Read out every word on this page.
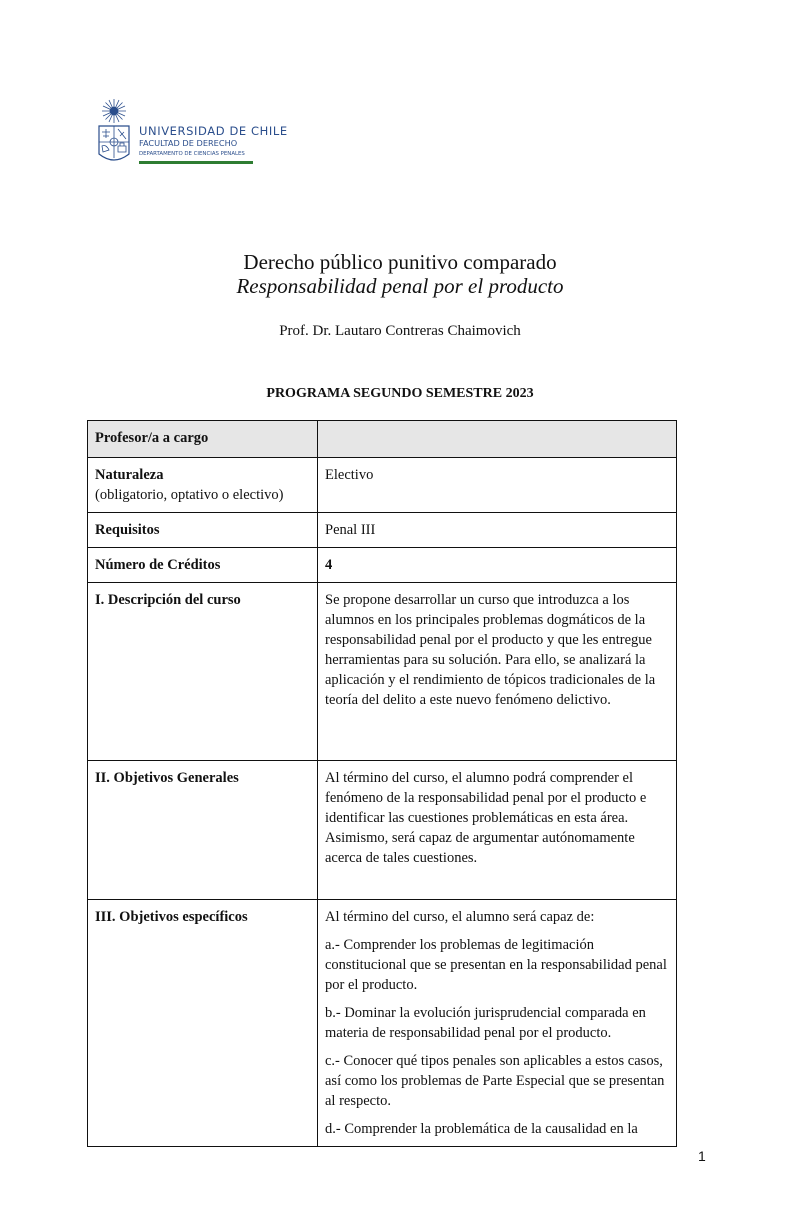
UNIVERSIDAD DE CHILE
FACULTAD DE DERECHO
DEPARTAMENTO DE CIENCIAS PENALES
Derecho público punitivo comparado
Responsabilidad penal por el producto
Prof. Dr. Lautaro Contreras Chaimovich
PROGRAMA SEGUNDO SEMESTRE 2023
Profesor/a a cargo	
Naturaleza
(obligatorio, optativo o electivo)	Electivo
Requisitos	Penal III
Número de Créditos	4
I. Descripción del curso	Se propone desarrollar un curso que introduzca a los alumnos en los principales problemas dogmáticos de la responsabilidad penal por el producto y que les entregue herramientas para su solución. Para ello, se analizará la aplicación y el rendimiento de tópicos tradicionales de la teoría del delito a este nuevo fenómeno delictivo.
II. Objetivos Generales	Al término del curso, el alumno podrá comprender el fenómeno de la responsabilidad penal por el producto e identificar las cuestiones problemáticas en esta área. Asimismo, será capaz de argumentar autónomamente acerca de tales cuestiones.
III. Objetivos específicos	Al término del curso, el alumno será capaz de:
a.- Comprender los problemas de legitimación constitucional que se presentan en la responsabilidad penal por el producto.
b.- Dominar la evolución jurisprudencial comparada en materia de responsabilidad penal por el producto.
c.- Conocer qué tipos penales son aplicables a estos casos, así como los problemas de Parte Especial que se presentan al respecto.
d.- Comprender la problemática de la causalidad en la
1
